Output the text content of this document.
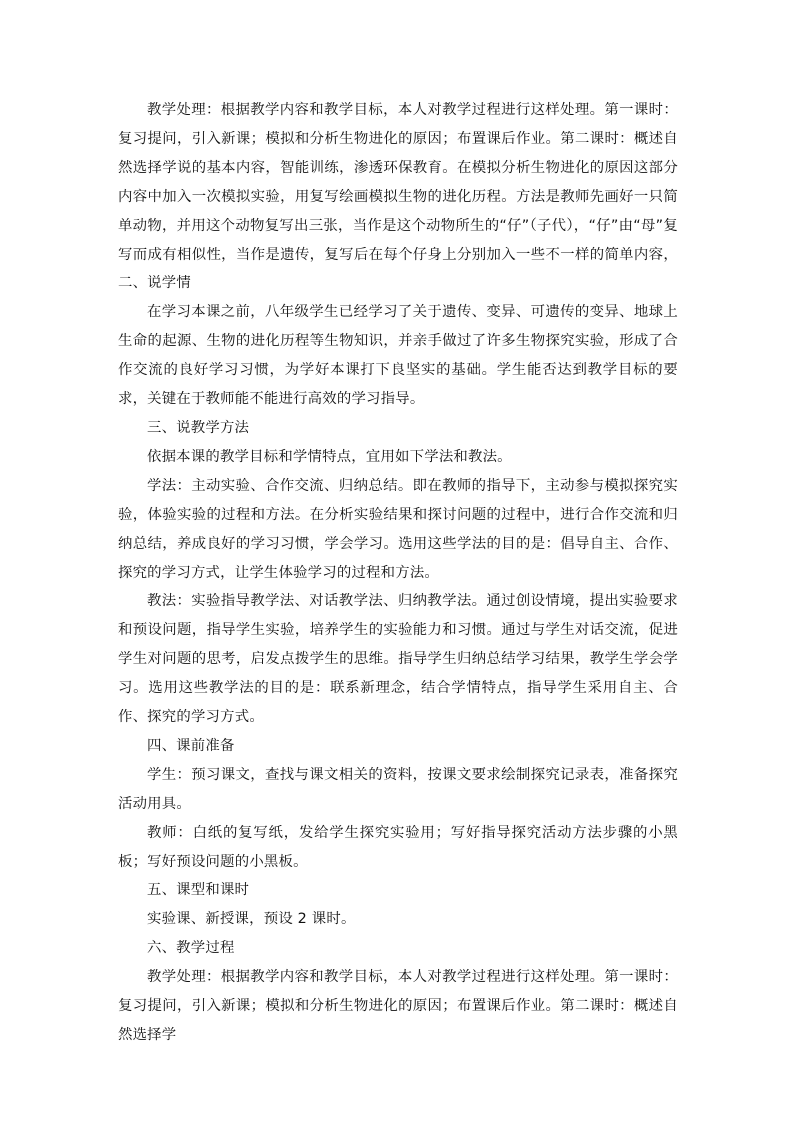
教学处理：根据教学内容和教学目标，本人对教学过程进行这样处理。第一课时：复习提问，引入新课；模拟和分析生物进化的原因；布置课后作业。第二课时：概述自然选择学说的基本内容，智能训练，渗透环保教育。在模拟分析生物进化的原因这部分内容中加入一次模拟实验，用复写绘画模拟生物的进化历程。方法是教师先画好一只简单动物，并用这个动物复写出三张，当作是这个动物所生的“仔”（子代），“仔”由“母”复写而成有相似性，当作是遗传，复写后在每个仔身上分别加入一些不一样的简单内容，二、说学情

在学习本课之前，八年级学生已经学习了关于遗传、变异、可遗传的变异、地球上生命的起源、生物的进化历程等生物知识，并亲手做过了许多生物探究实验，形成了合作交流的良好学习习惯，为学好本课打下良坚实的基础。学生能否达到教学目标的要求，关键在于教师能不能进行高效的学习指导。

三、说教学方法

依据本课的教学目标和学情特点，宜用如下学法和教法。

学法：主动实验、合作交流、归纳总结。即在教师的指导下，主动参与模拟探究实验，体验实验的过程和方法。在分析实验结果和探讨问题的过程中，进行合作交流和归纳总结，养成良好的学习习惯，学会学习。选用这些学法的目的是：倡导自主、合作、探究的学习方式，让学生体验学习的过程和方法。

教法：实验指导教学法、对话教学法、归纳教学法。通过创设情境，提出实验要求和预设问题，指导学生实验，培养学生的实验能力和习惯。通过与学生对话交流，促进学生对问题的思考，启发点拨学生的思维。指导学生归纳总结学习结果，教学生学会学习。选用这些教学法的目的是：联系新理念，结合学情特点，指导学生采用自主、合作、探究的学习方式。

四、课前准备

学生：预习课文，查找与课文相关的资料，按课文要求绘制探究记录表，准备探究活动用具。

教师：白纸的复写纸，发给学生探究实验用；写好指导探究活动方法步骤的小黑板；写好预设问题的小黑板。

五、课型和课时

实验课、新授课，预设 2 课时。

六、教学过程

教学处理：根据教学内容和教学目标，本人对教学过程进行这样处理。第一课时：复习提问，引入新课；模拟和分析生物进化的原因；布置课后作业。第二课时：概述自然选择学
